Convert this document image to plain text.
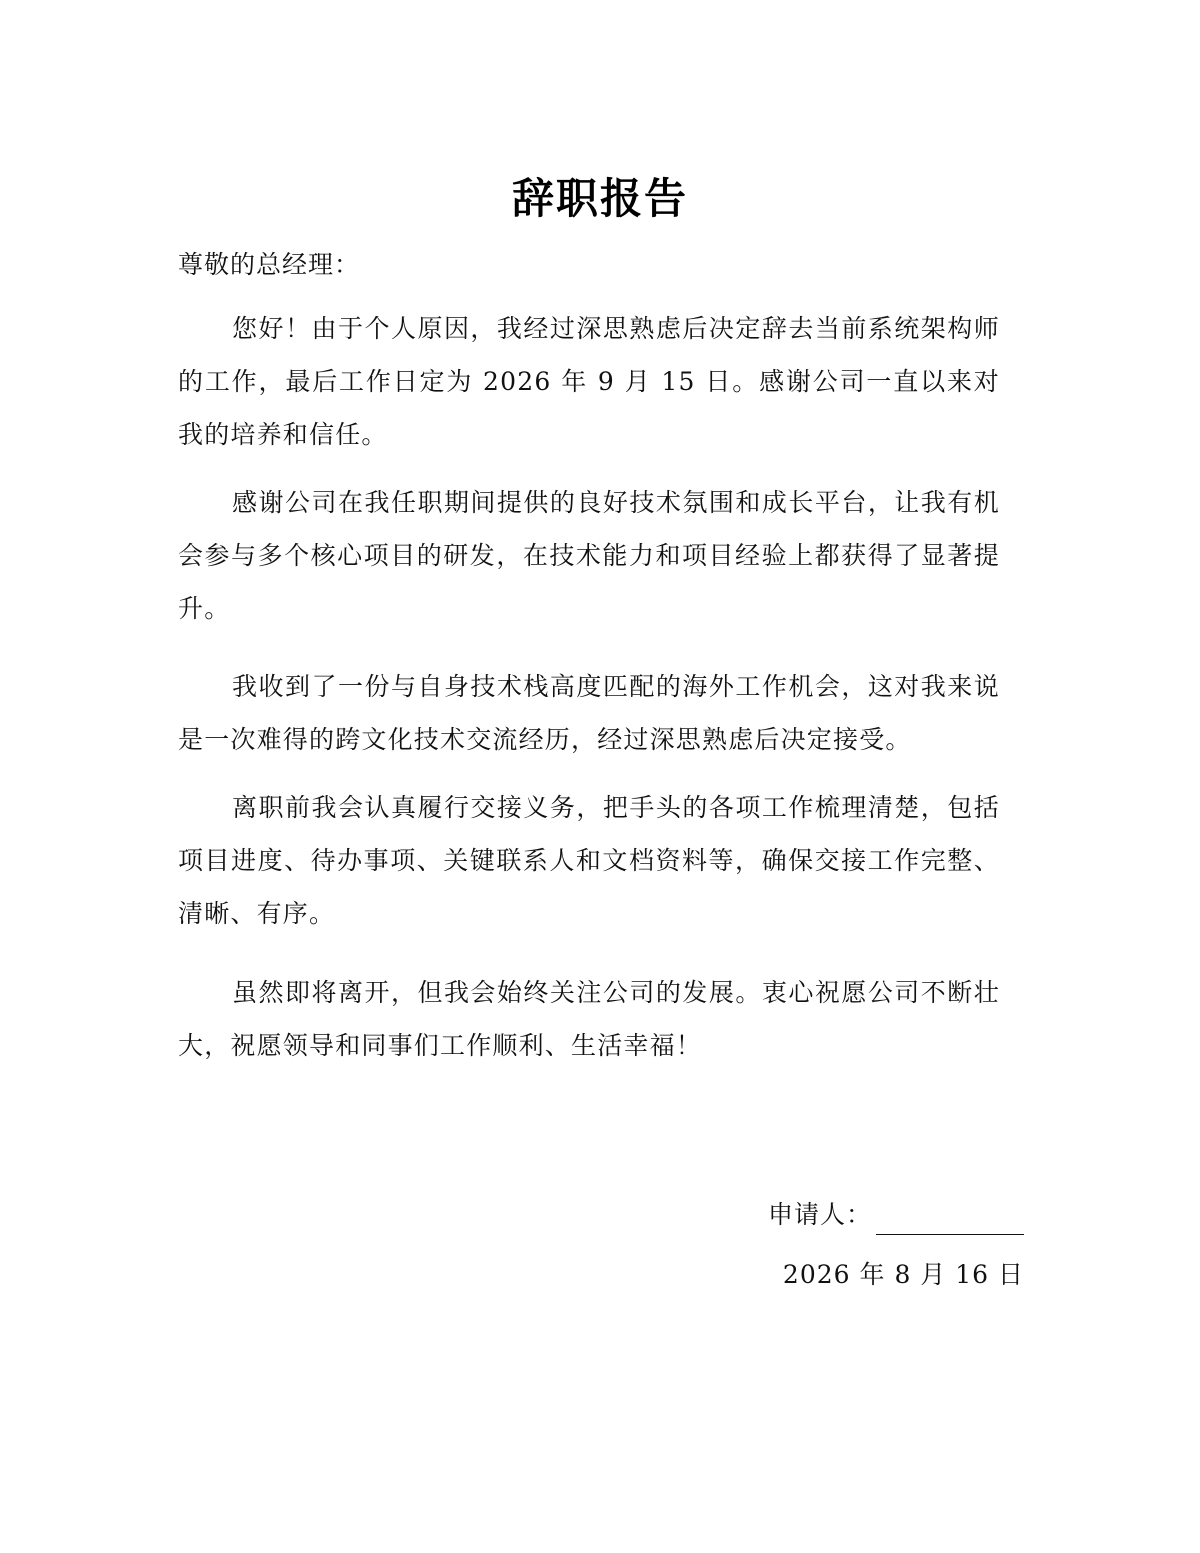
辞职报告
尊敬的总经理：

您好！由于个人原因，我经过深思熟虑后决定辞去当前系统架构师的工作，最后工作日定为 2026 年 9 月 15 日。感谢公司一直以来对我的培养和信任。

感谢公司在我任职期间提供的良好技术氛围和成长平台，让我有机会参与多个核心项目的研发，在技术能力和项目经验上都获得了显著提升。

我收到了一份与自身技术栈高度匹配的海外工作机会，这对我来说是一次难得的跨文化技术交流经历，经过深思熟虑后决定接受。

离职前我会认真履行交接义务，把手头的各项工作梳理清楚，包括项目进度、待办事项、关键联系人和文档资料等，确保交接工作完整、清晰、有序。

虽然即将离开，但我会始终关注公司的发展。衷心祝愿公司不断壮大，祝愿领导和同事们工作顺利、生活幸福！

申请人：
2026 年 8 月 16 日
